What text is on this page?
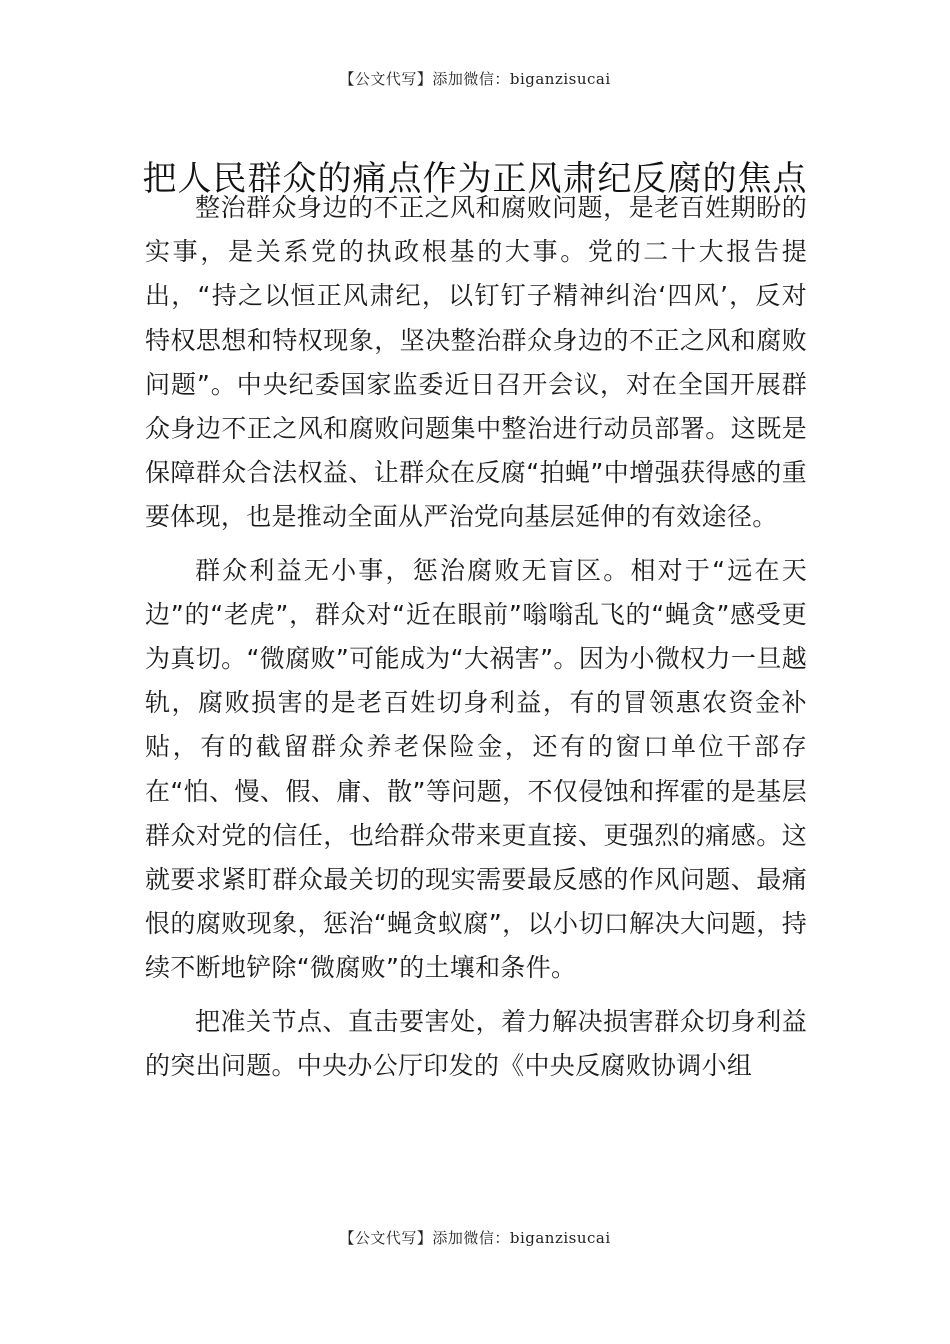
【公文代写】添加微信：biganzisucai
把人民群众的痛点作为正风肃纪反腐的焦点

整治群众身边的不正之风和腐败问题，是老百姓期盼的实事，是关系党的执政根基的大事。党的二十大报告提出，“持之以恒正风肃纪，以钉钉子精神纠治‘四风’，反对特权思想和特权现象，坚决整治群众身边的不正之风和腐败问题”。中央纪委国家监委近日召开会议，对在全国开展群众身边不正之风和腐败问题集中整治进行动员部署。这既是保障群众合法权益、让群众在反腐“拍蝇”中增强获得感的重要体现，也是推动全面从严治党向基层延伸的有效途径。

群众利益无小事，惩治腐败无盲区。相对于“远在天边”的“老虎”，群众对“近在眼前”嗡嗡乱飞的“蝇贪”感受更为真切。“微腐败”可能成为“大祸害”。因为小微权力一旦越轨，腐败损害的是老百姓切身利益，有的冒领惠农资金补贴，有的截留群众养老保险金，还有的窗口单位干部存在“怕、慢、假、庸、散”等问题，不仅侵蚀和挥霍的是基层群众对党的信任，也给群众带来更直接、更强烈的痛感。这就要求紧盯群众最关切的现实需要最反感的作风问题、最痛恨的腐败现象，惩治“蝇贪蚁腐”，以小切口解决大问题，持续不断地铲除“微腐败”的土壤和条件。

把准关节点、直击要害处，着力解决损害群众切身利益的突出问题。中央办公厅印发的《中央反腐败协调小组

【公文代写】添加微信：biganzisucai
